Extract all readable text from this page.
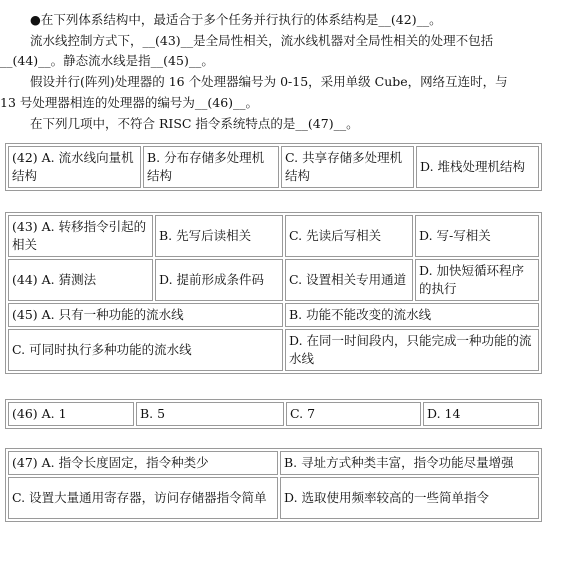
●在下列体系结构中，最适合于多个任务并行执行的体系结构是__(42)__。
流水线控制方式下，__(43)__是全局性相关，流水线机器对全局性相关的处理不包括
__(44)__。静态流水线是指__(45)__。
假设并行(阵列)处理器的 16 个处理器编号为 0-15，采用单级 Cube，网络互连时，与
13 号处理器相连的处理器的编号为__(46)__。
在下列几项中，不符合 RISC 指令系统特点的是__(47)__。
(42) A. 流水线向量机结构	B. 分布存储多处理机结构	C. 共享存储多处理机结构	D. 堆栈处理机结构
(43) A. 转移指令引起的相关	B. 先写后读相关	C. 先读后写相关	D. 写-写相关
(44) A. 猜测法	D. 提前形成条件码	C. 设置相关专用通道	D. 加快短循环程序的执行
(45) A. 只有一种功能的流水线		B. 功能不能改变的流水线	
C. 可同时执行多种功能的流水线		D. 在同一时间段内，只能完成一种功能的流水线	
(46) A. 1	B. 5	C. 7	D. 14
(47) A. 指令长度固定，指令种类少	B. 寻址方式种类丰富，指令功能尽量增强
C. 设置大量通用寄存器，访问存储器指令简单	D. 选取使用频率较高的一些简单指令
